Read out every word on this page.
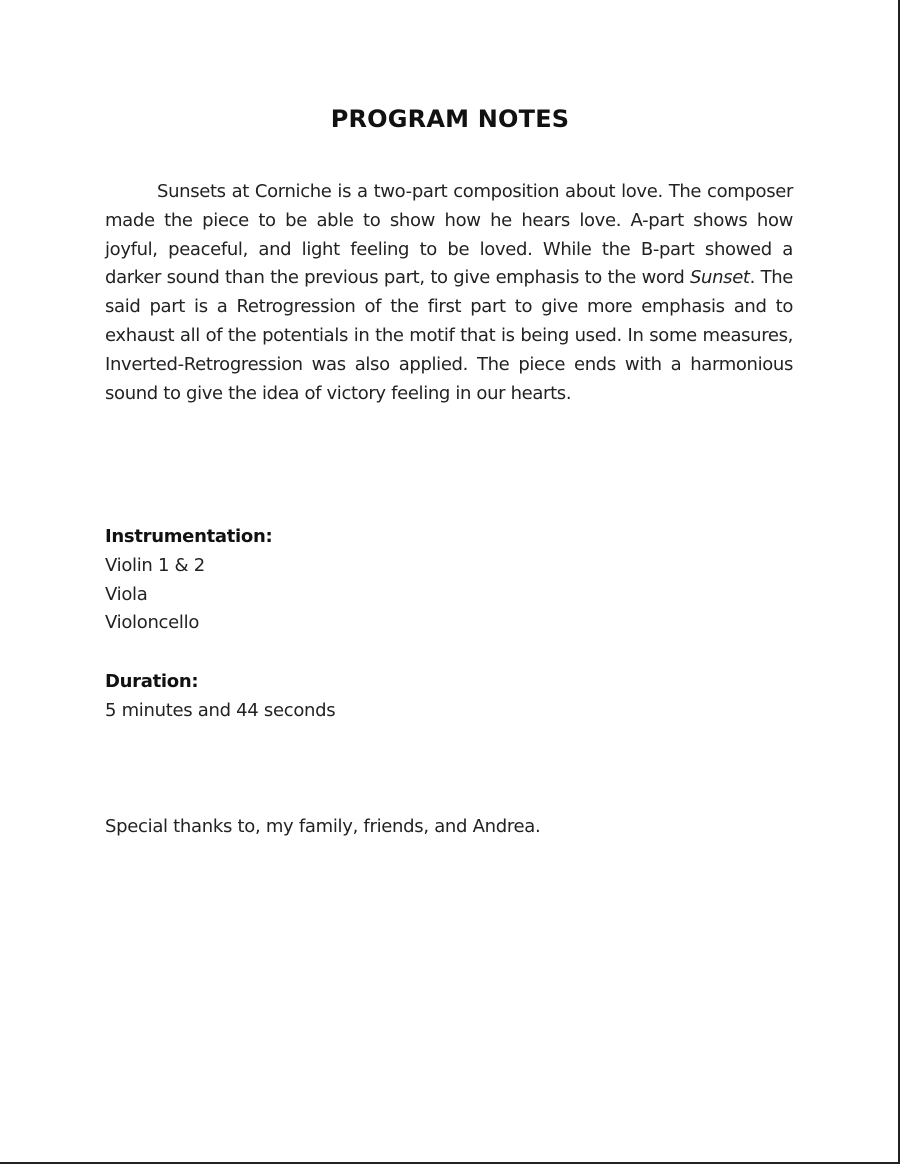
PROGRAM NOTES

Sunsets at Corniche is a two-part composition about love. The composer made the piece to be able to show how he hears love. A-part shows how joyful, peaceful, and light feeling to be loved. While the B-part showed a darker sound than the previous part, to give emphasis to the word Sunset. The said part is a Retrogression of the first part to give more emphasis and to exhaust all of the potentials in the motif that is being used. In some measures, Inverted-Retrogression was also applied. The piece ends with a harmonious sound to give the idea of victory feeling in our hearts.

Instrumentation:
Violin 1 & 2
Viola
Violoncello
Duration:
5 minutes and 44 seconds
Special thanks to, my family, friends, and Andrea.
